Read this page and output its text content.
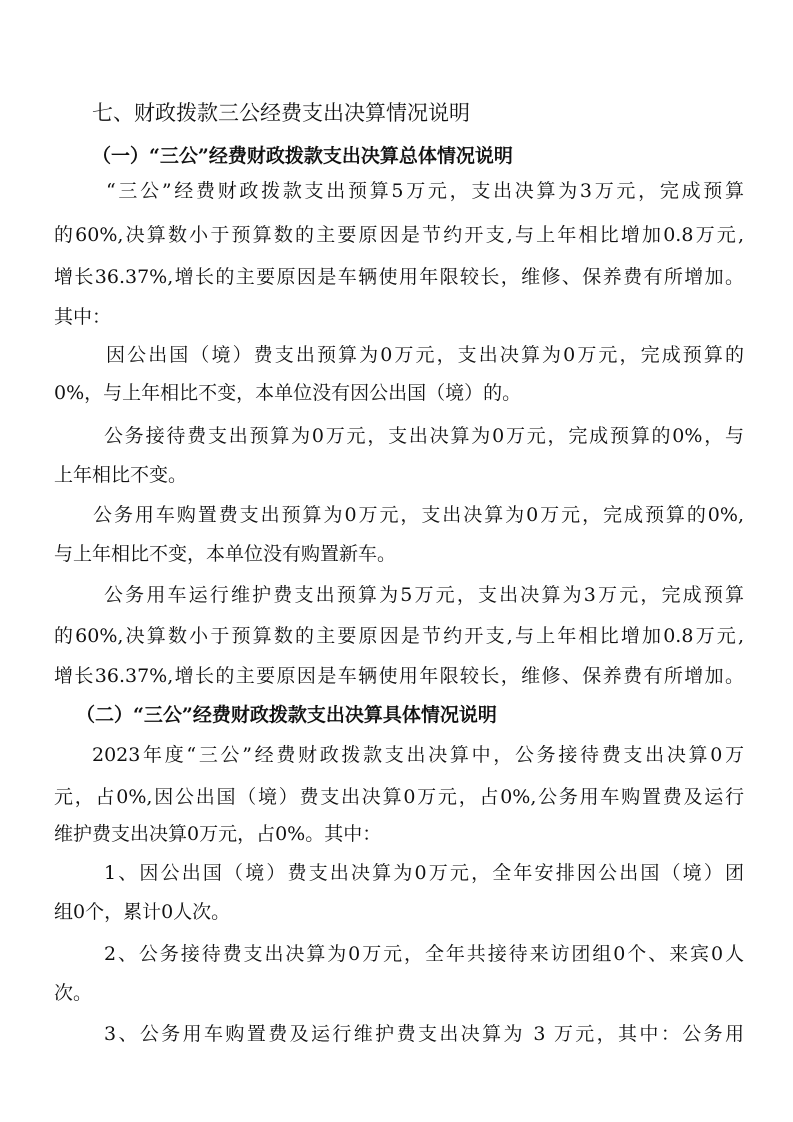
七、财政拨款三公经费支出决算情况说明
（一）“三公”经费财政拨款支出决算总体情况说明
“三公”经费财政拨款支出预算5万元，支出决算为3万元，完成预算
的60%,决算数小于预算数的主要原因是节约开支,与上年相比增加0.8万元,
增长36.37%,增长的主要原因是车辆使用年限较长，维修、保养费有所增加。
其中：
因公出国（境）费支出预算为0万元，支出决算为0万元，完成预算的
0%，与上年相比不变，本单位没有因公出国（境）的。
公务接待费支出预算为0万元，支出决算为0万元，完成预算的0%，与
上年相比不变。
公务用车购置费支出预算为0万元，支出决算为0万元，完成预算的0%,
与上年相比不变，本单位没有购置新车。
公务用车运行维护费支出预算为5万元，支出决算为3万元，完成预算
的60%,决算数小于预算数的主要原因是节约开支,与上年相比增加0.8万元,
增长36.37%,增长的主要原因是车辆使用年限较长，维修、保养费有所增加。
（二）“三公”经费财政拨款支出决算具体情况说明
2023年度“三公”经费财政拨款支出决算中，公务接待费支出决算0万
元，占0%,因公出国（境）费支出决算0万元，占0%,公务用车购置费及运行
维护费支出决算0万元，占0%。其中：
1、因公出国（境）费支出决算为0万元，全年安排因公出国（境）团
组0个，累计0人次。
2、公务接待费支出决算为0万元，全年共接待来访团组0个、来宾0人
次。
3、公务用车购置费及运行维护费支出决算为 3 万元，其中：公务用
